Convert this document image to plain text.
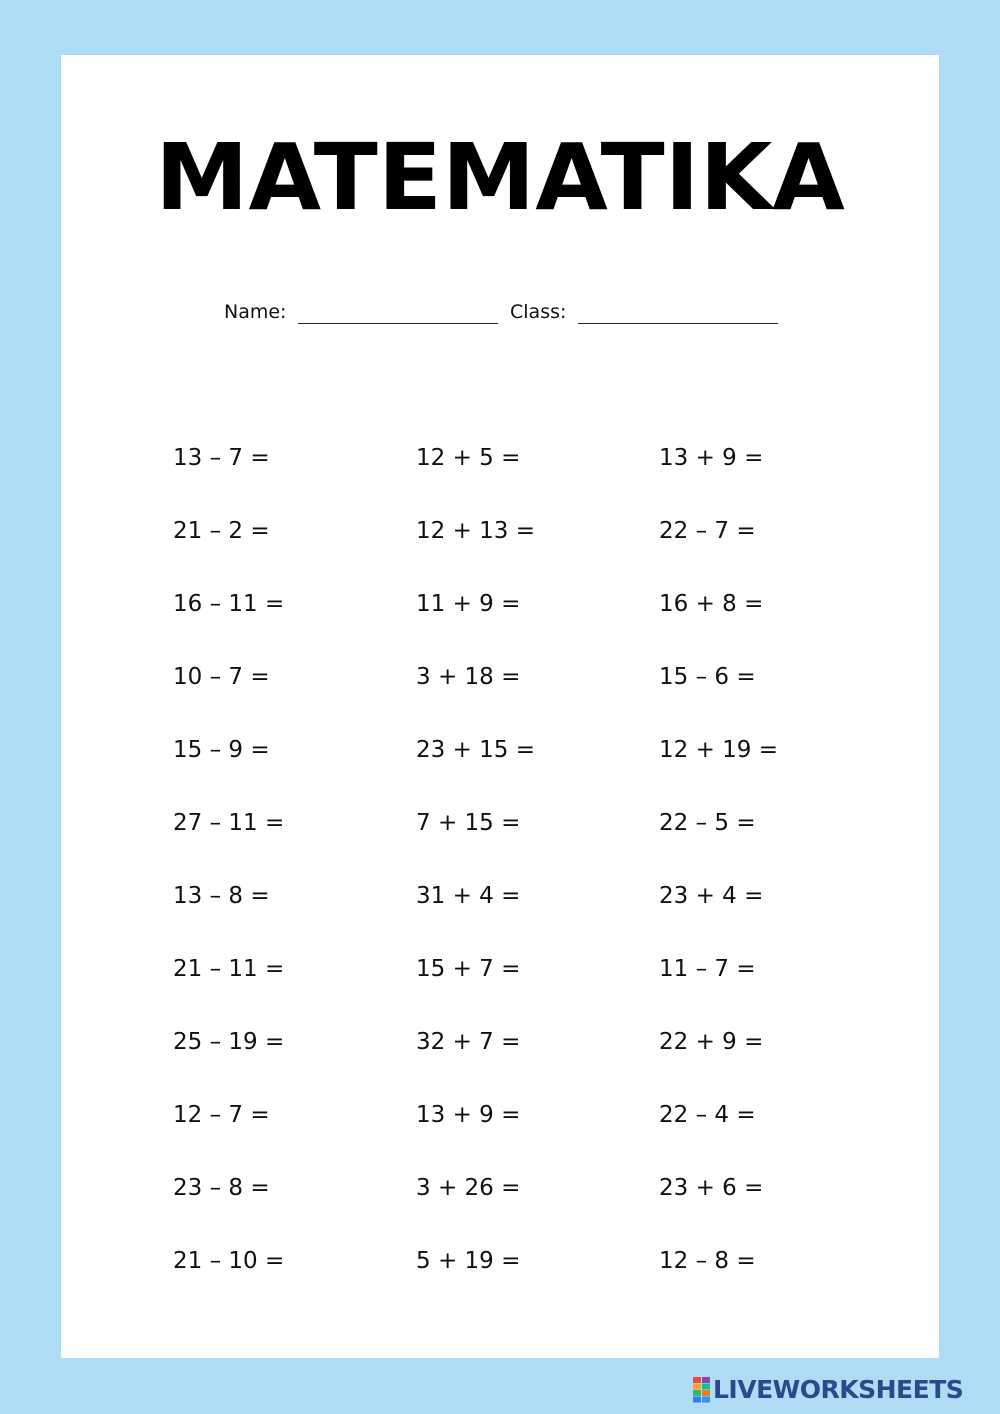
MATEMATIKA
Name:	Class:
13 – 7 =
21 – 2 =
16 – 11 =
10 – 7 =
15 – 9 =
27 – 11 =
13 – 8 =
21 – 11 =
25 – 19 =
12 – 7 =
23 – 8 =
21 – 10 =
12 + 5 =
12 + 13 =
11 + 9 =
3 + 18 =
23 + 15 =
7 + 15 =
31 + 4 =
15 + 7 =
32 + 7 =
13 + 9 =
3 + 26 =
5 + 19 =
13 + 9 =
22 – 7 =
16 + 8 =
15 – 6 =
12 + 19 =
22 – 5 =
23 + 4 =
11 – 7 =
22 + 9 =
22 – 4 =
23 + 6 =
12 – 8 =
LIVEWORKSHEETS
